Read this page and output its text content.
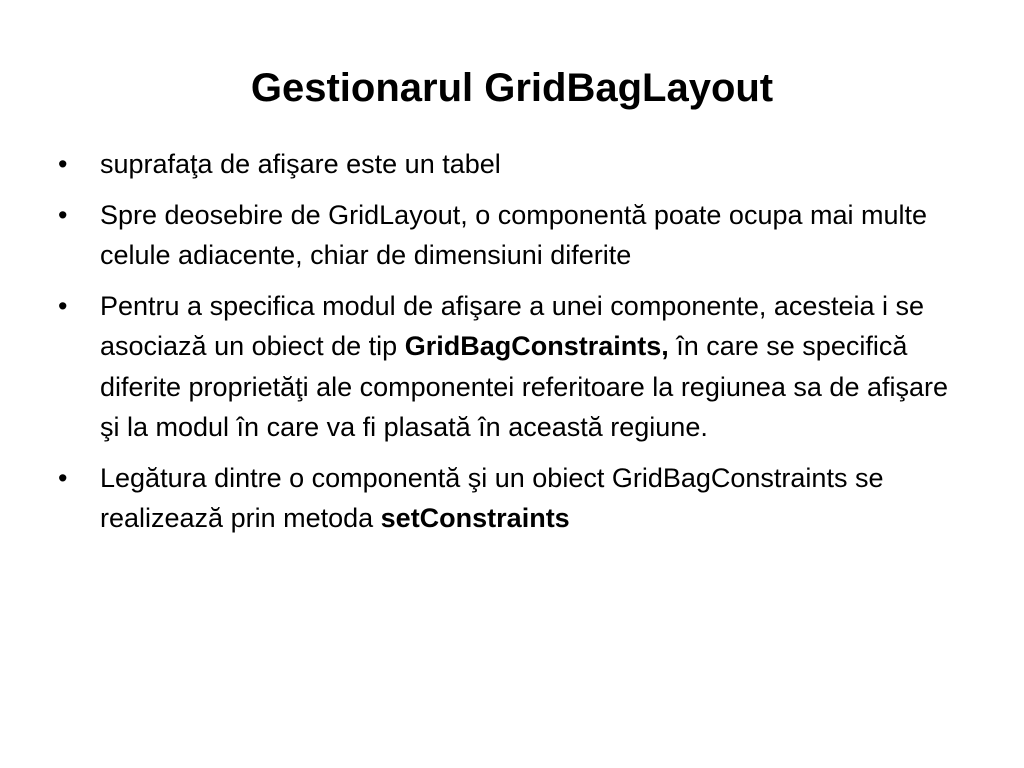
Gestionarul GridBagLayout
•	suprafaţa de afişare este un tabel
•	Spre deosebire de GridLayout, o componentă poate ocupa mai multe celule adiacente, chiar de dimensiuni diferite
•	Pentru a specifica modul de afişare a unei componente, acesteia i se asociază un obiect de tip GridBagConstraints, în care se specifică diferite proprietăţi ale componentei referitoare la regiunea sa de afişare şi la modul în care va fi plasată în această regiune.
•	Legătura dintre o componentă şi un obiect GridBagConstraints se realizează prin metoda setConstraints
